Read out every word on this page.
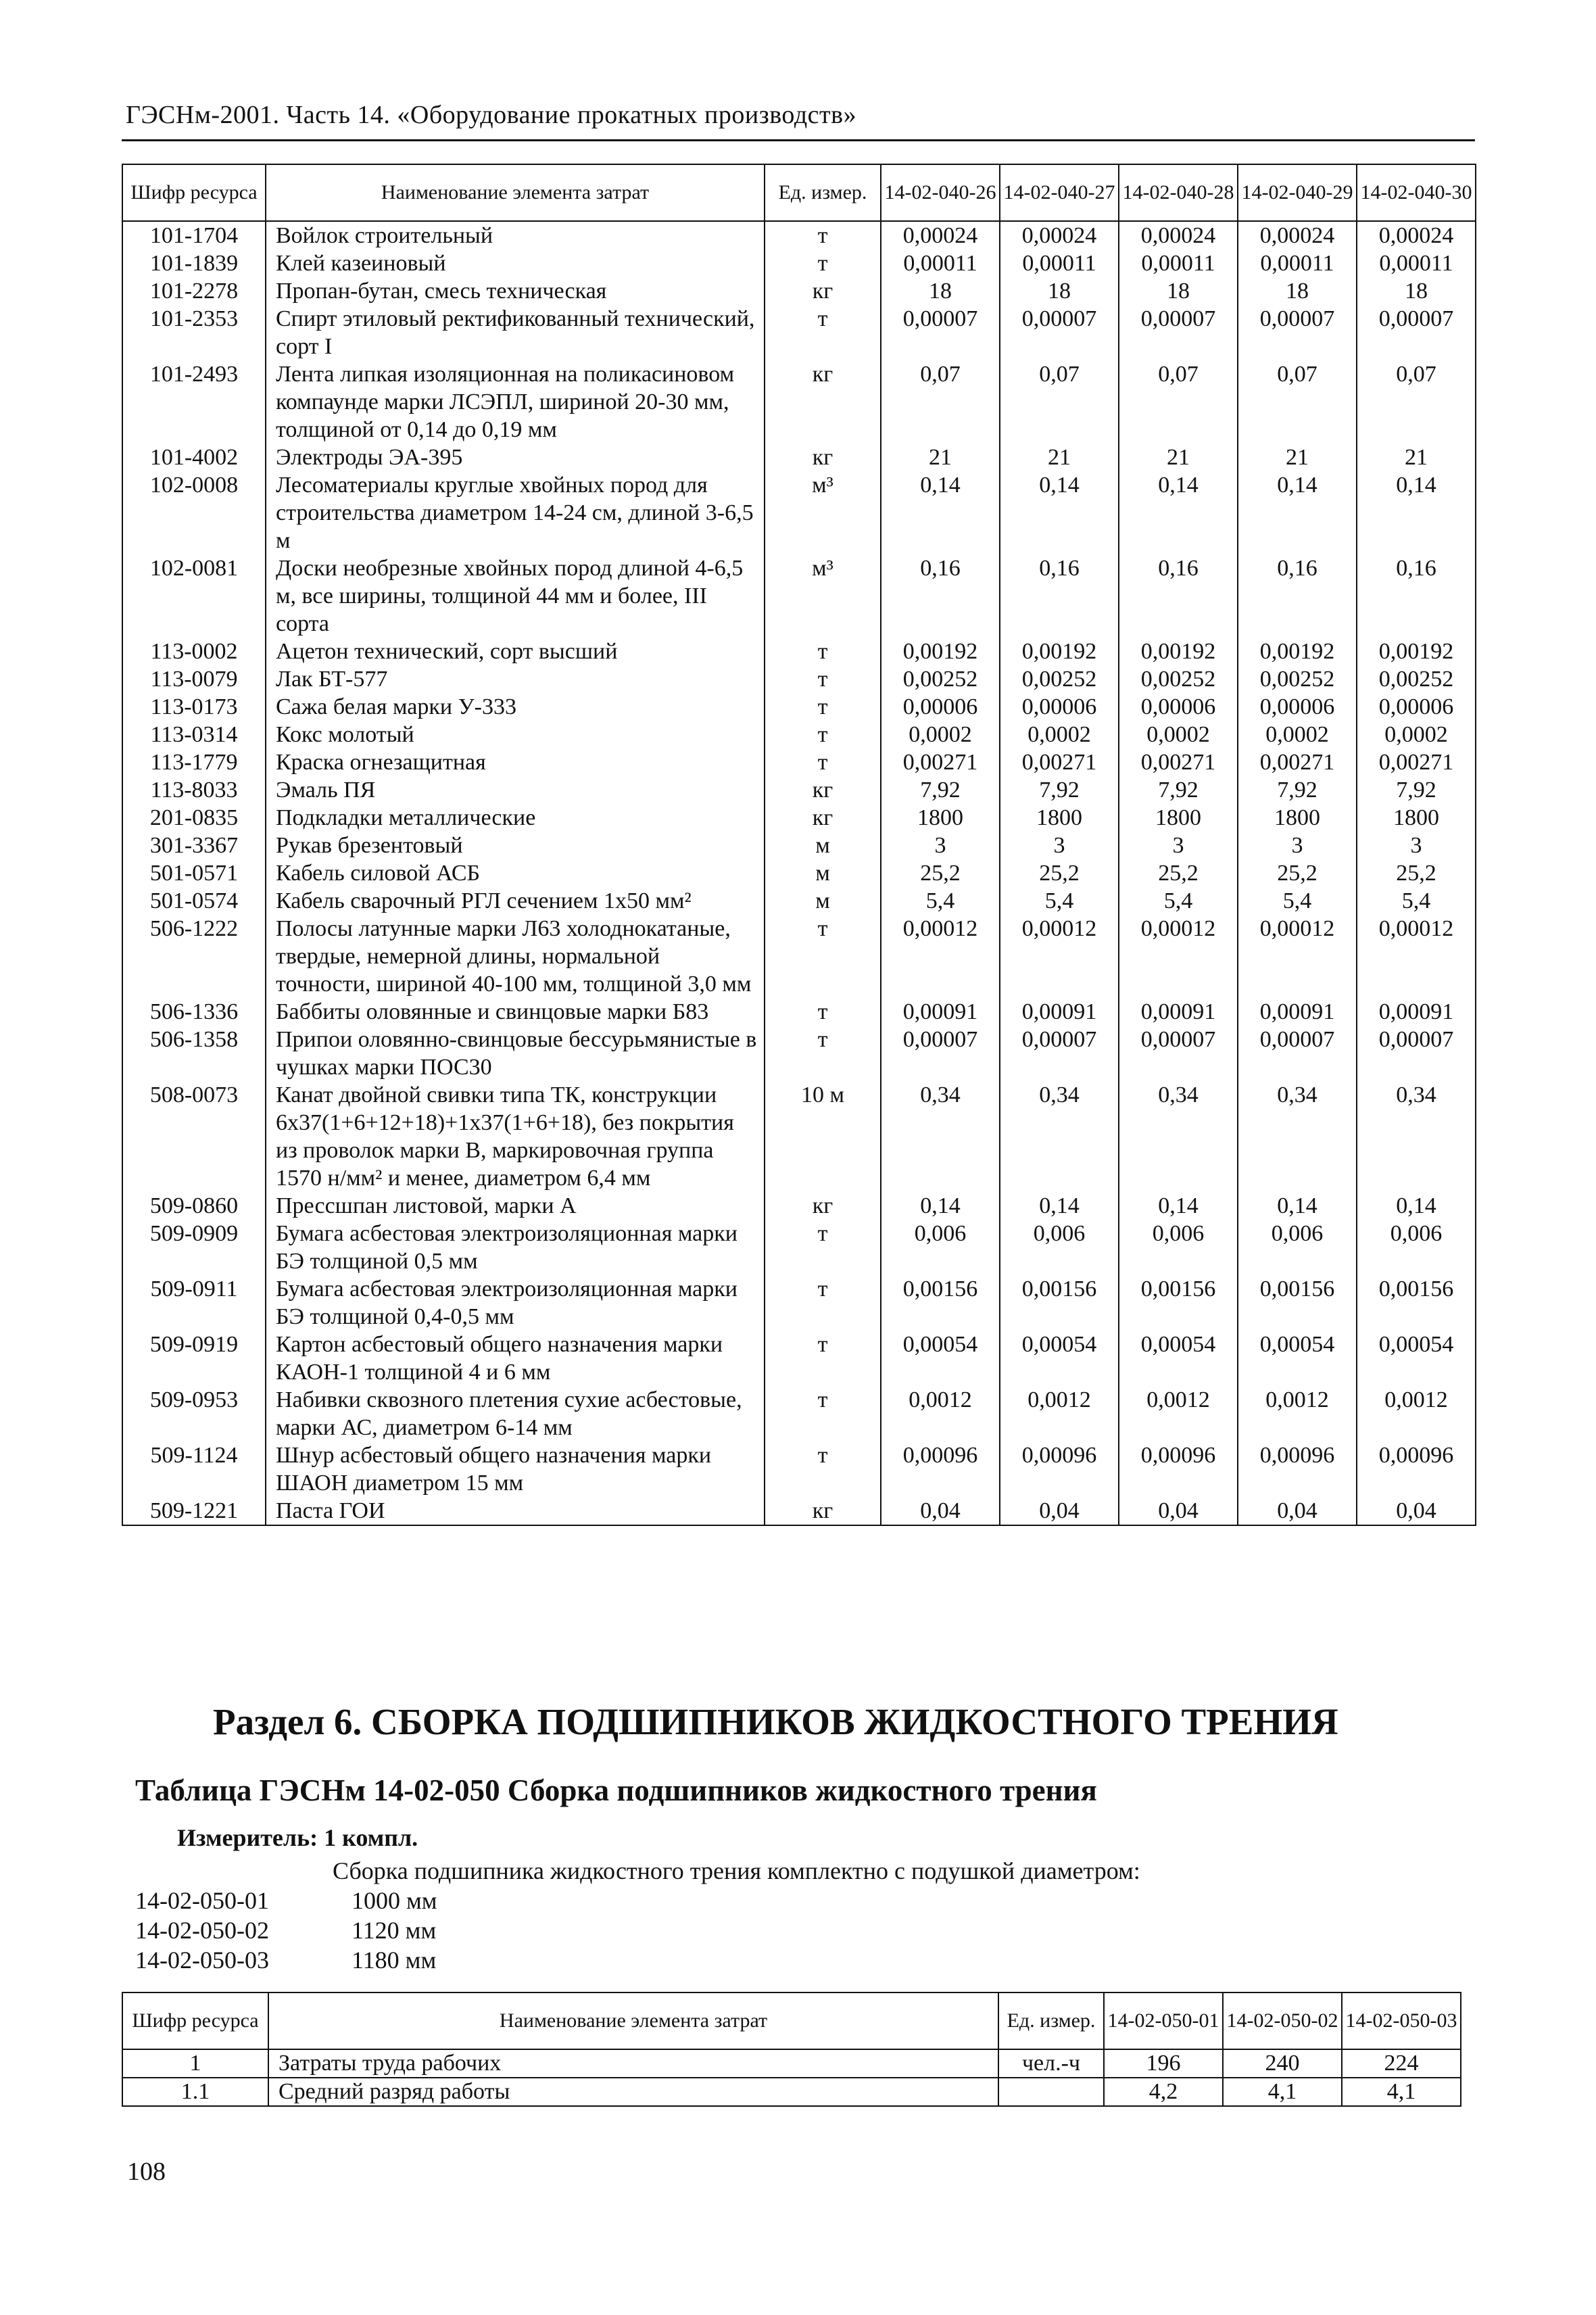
ГЭСНм-2001. Часть 14. «Оборудование прокатных производств»
Шифр ресурса	Наименование элемента затрат	Ед. измер.	14-02-040-26	14-02-040-27	14-02-040-28	14-02-040-29	14-02-040-30
101-1704	Войлок строительный	т	0,00024	0,00024	0,00024	0,00024	0,00024
101-1839	Клей казеиновый	т	0,00011	0,00011	0,00011	0,00011	0,00011
101-2278	Пропан-бутан, смесь техническая	кг	18	18	18	18	18
101-2353	Спирт этиловый ректификованный технический, сорт I	т	0,00007	0,00007	0,00007	0,00007	0,00007
101-2493	Лента липкая изоляционная на поликасиновом компаунде марки ЛСЭПЛ, шириной 20-30 мм, толщиной от 0,14 до 0,19 мм	кг	0,07	0,07	0,07	0,07	0,07
101-4002	Электроды ЭА-395	кг	21	21	21	21	21
102-0008	Лесоматериалы круглые хвойных пород для строительства диаметром 14-24 см, длиной 3-6,5 м	м³	0,14	0,14	0,14	0,14	0,14
102-0081	Доски необрезные хвойных пород длиной 4-6,5 м, все ширины, толщиной 44 мм и более, III сорта	м³	0,16	0,16	0,16	0,16	0,16
113-0002	Ацетон технический, сорт высший	т	0,00192	0,00192	0,00192	0,00192	0,00192
113-0079	Лак БТ-577	т	0,00252	0,00252	0,00252	0,00252	0,00252
113-0173	Сажа белая марки У-333	т	0,00006	0,00006	0,00006	0,00006	0,00006
113-0314	Кокс молотый	т	0,0002	0,0002	0,0002	0,0002	0,0002
113-1779	Краска огнезащитная	т	0,00271	0,00271	0,00271	0,00271	0,00271
113-8033	Эмаль ПЯ	кг	7,92	7,92	7,92	7,92	7,92
201-0835	Подкладки металлические	кг	1800	1800	1800	1800	1800
301-3367	Рукав брезентовый	м	3	3	3	3	3
501-0571	Кабель силовой АСБ	м	25,2	25,2	25,2	25,2	25,2
501-0574	Кабель сварочный РГЛ сечением 1х50 мм²	м	5,4	5,4	5,4	5,4	5,4
506-1222	Полосы латунные марки Л63 холоднокатаные, твердые, немерной длины, нормальной точности, шириной 40-100 мм, толщиной 3,0 мм	т	0,00012	0,00012	0,00012	0,00012	0,00012
506-1336	Баббиты оловянные и свинцовые марки Б83	т	0,00091	0,00091	0,00091	0,00091	0,00091
506-1358	Припои оловянно-свинцовые бессурьмянистые в чушках марки ПОС30	т	0,00007	0,00007	0,00007	0,00007	0,00007
508-0073	Канат двойной свивки типа ТК, конструкции 6х37(1+6+12+18)+1х37(1+6+18), без покрытия из проволок марки В, маркировочная группа 1570 н/мм² и менее, диаметром 6,4 мм	10 м	0,34	0,34	0,34	0,34	0,34
509-0860	Прессшпан листовой, марки А	кг	0,14	0,14	0,14	0,14	0,14
509-0909	Бумага асбестовая электроизоляционная марки БЭ толщиной 0,5 мм	т	0,006	0,006	0,006	0,006	0,006
509-0911	Бумага асбестовая электроизоляционная марки БЭ толщиной 0,4-0,5 мм	т	0,00156	0,00156	0,00156	0,00156	0,00156
509-0919	Картон асбестовый общего назначения марки КАОН-1 толщиной 4 и 6 мм	т	0,00054	0,00054	0,00054	0,00054	0,00054
509-0953	Набивки сквозного плетения сухие асбестовые, марки АС, диаметром 6-14 мм	т	0,0012	0,0012	0,0012	0,0012	0,0012
509-1124	Шнур асбестовый общего назначения марки ШАОН диаметром 15 мм	т	0,00096	0,00096	0,00096	0,00096	0,00096
509-1221	Паста ГОИ	кг	0,04	0,04	0,04	0,04	0,04
Раздел 6. СБОРКА ПОДШИПНИКОВ ЖИДКОСТНОГО ТРЕНИЯ
Таблица ГЭСНм 14-02-050 Сборка подшипников жидкостного трения
Измеритель: 1 компл.
Сборка подшипника жидкостного трения комплектно с подушкой диаметром:
14-02-050-01	1000 мм
14-02-050-02	1120 мм
14-02-050-03	1180 мм
Шифр ресурса	Наименование элемента затрат	Ед. измер.	14-02-050-01	14-02-050-02	14-02-050-03
1	Затраты труда рабочих	чел.-ч	196	240	224
1.1	Средний разряд работы		4,2	4,1	4,1
108
